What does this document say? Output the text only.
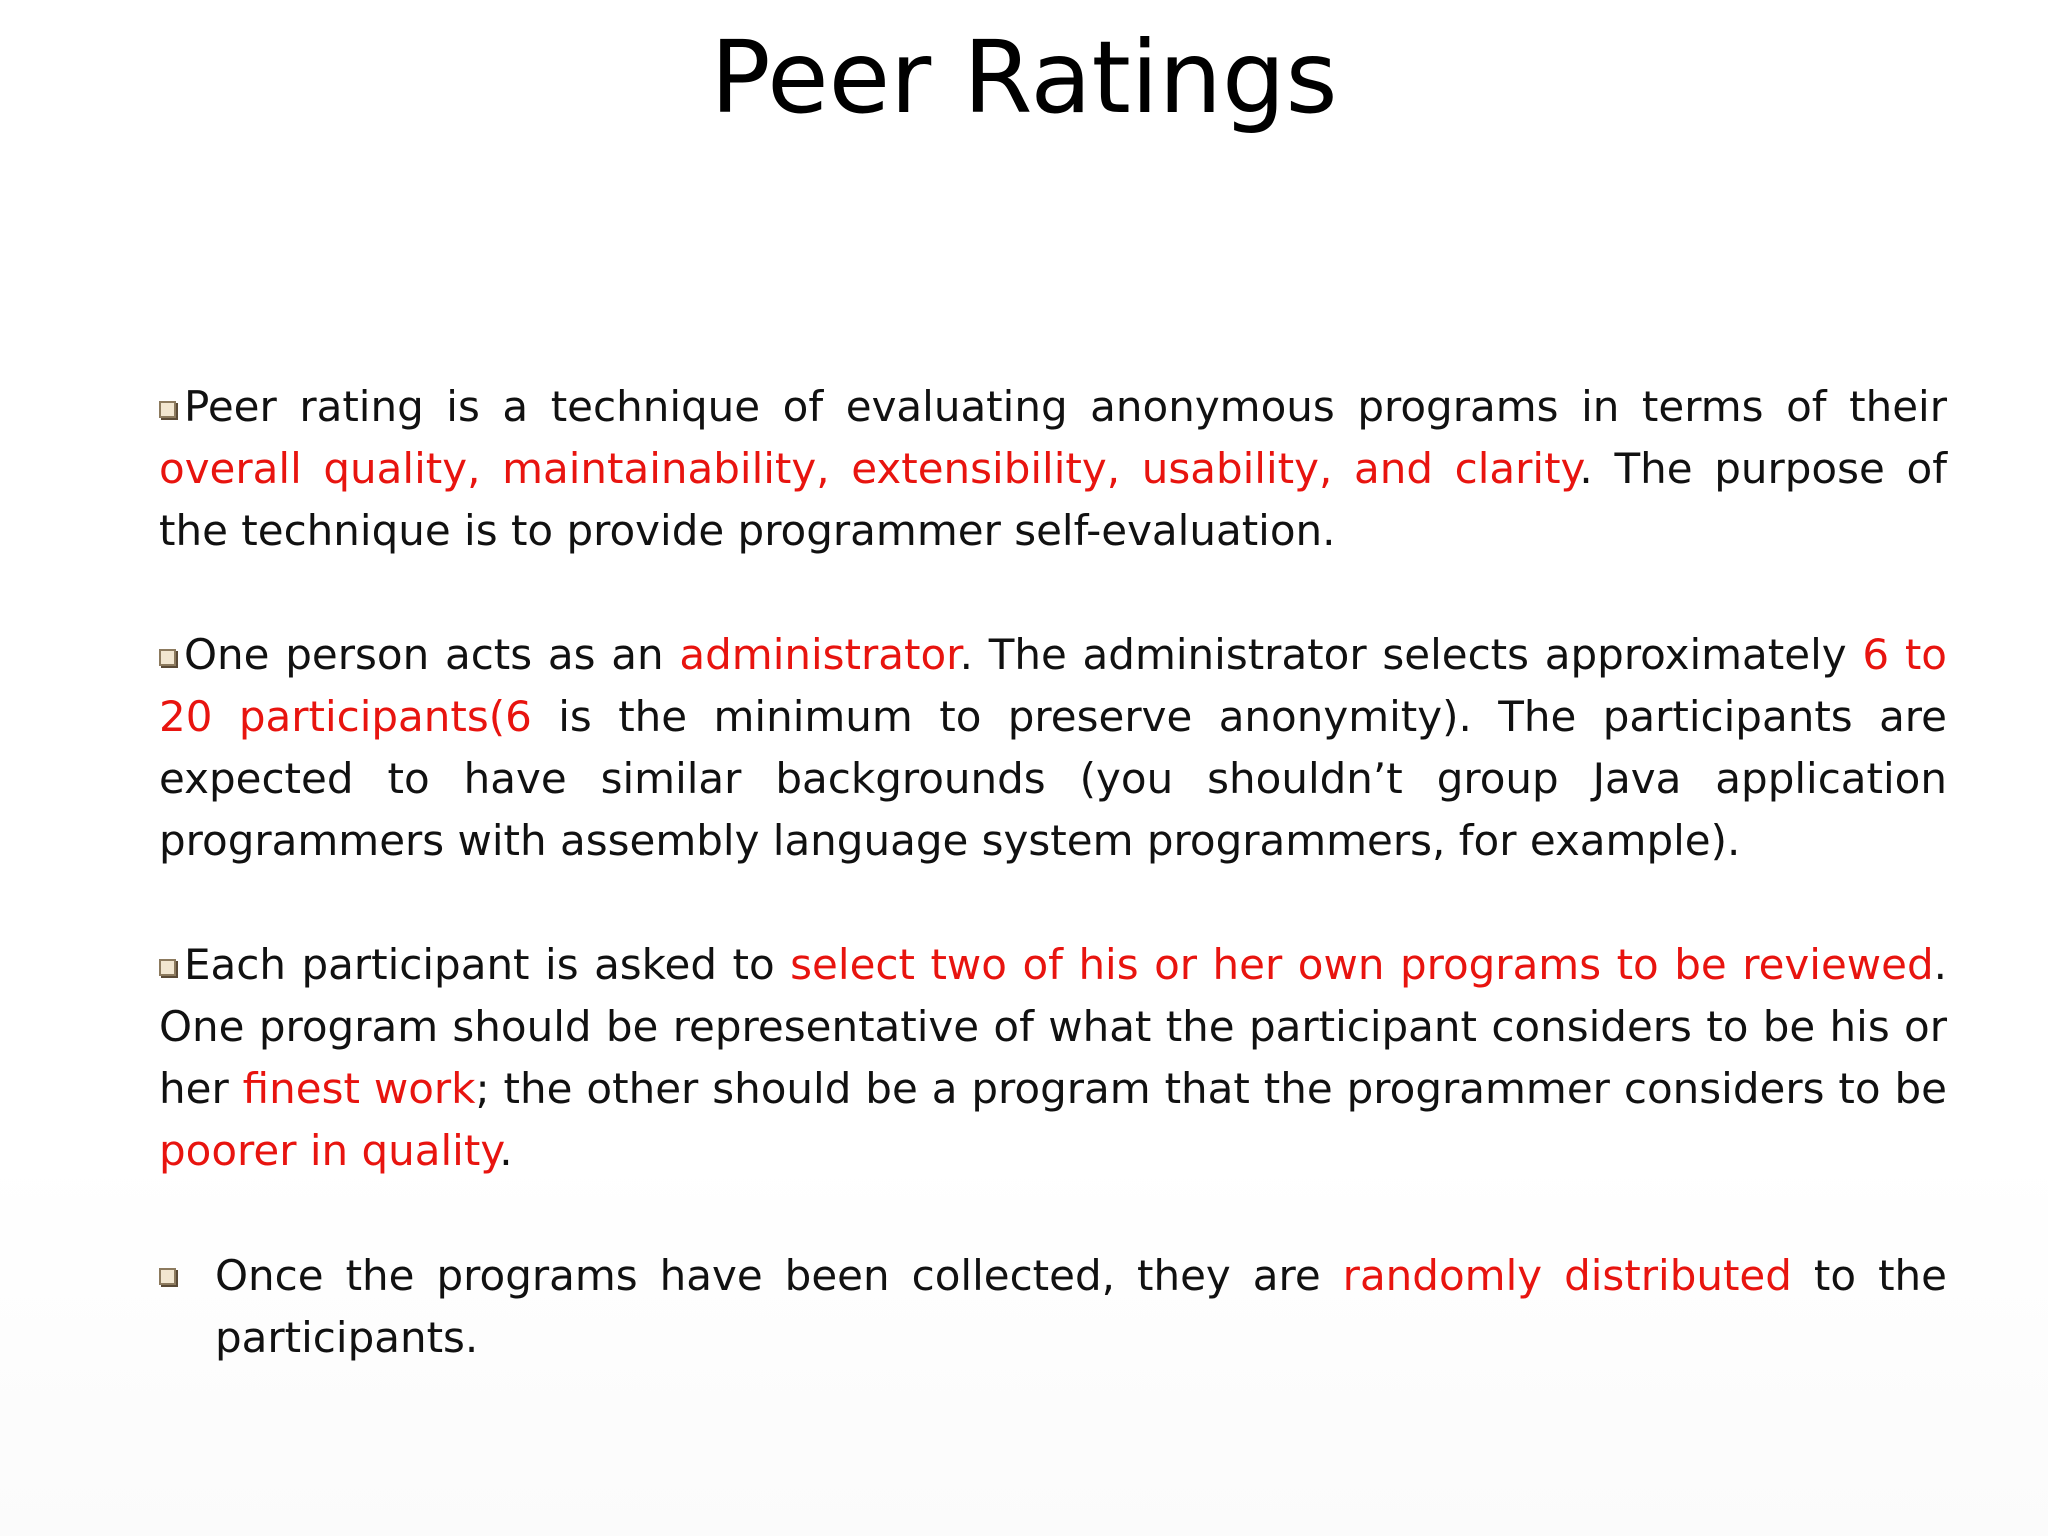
Peer Ratings

Peer rating is a technique of evaluating anonymous programs in terms of their overall quality, maintainability, extensibility, usability, and clarity. The purpose of the technique is to provide programmer self-evaluation.

One person acts as an administrator. The administrator selects approximately 6 to 20 participants(6 is the minimum to preserve anonymity). The participants are expected to have similar backgrounds (you shouldn’t group Java application programmers with assembly language system programmers, for example).

Each participant is asked to select two of his or her own programs to be reviewed. One program should be representative of what the participant considers to be his or her finest work; the other should be a program that the programmer considers to be poorer in quality.

Once the programs have been collected, they are randomly distributed to the participants.
